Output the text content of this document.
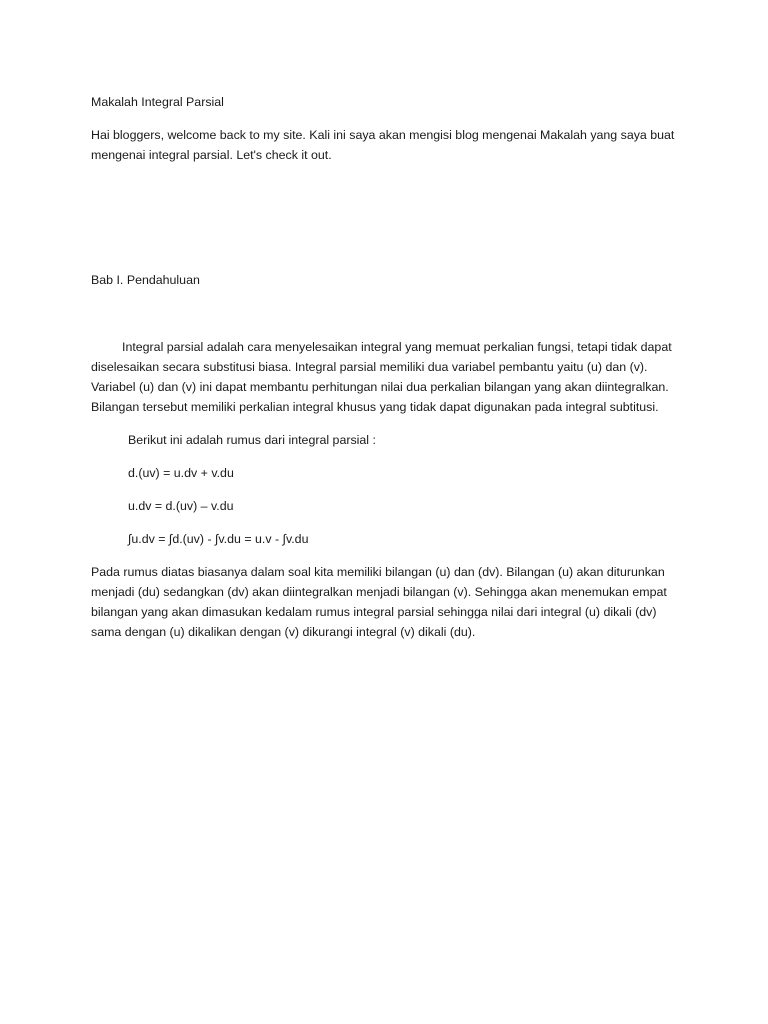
Makalah Integral Parsial

Hai bloggers, welcome back to my site. Kali ini saya akan mengisi blog mengenai Makalah yang saya buat mengenai integral parsial. Let's check it out.

Bab I. Pendahuluan

Integral parsial adalah cara menyelesaikan integral yang memuat perkalian fungsi, tetapi tidak dapat diselesaikan secara substitusi biasa. Integral parsial memiliki dua variabel pembantu yaitu (u) dan (v). Variabel (u) dan (v) ini dapat membantu perhitungan nilai dua perkalian bilangan yang akan diintegralkan. Bilangan tersebut memiliki perkalian integral khusus yang tidak dapat digunakan pada integral subtitusi.

Berikut ini adalah rumus dari integral parsial :

d.(uv) = u.dv + v.du

u.dv = d.(uv) – v.du

∫u.dv = ∫d.(uv) - ∫v.du = u.v - ∫v.du

Pada rumus diatas biasanya dalam soal kita memiliki bilangan (u) dan (dv). Bilangan (u) akan diturunkan menjadi (du) sedangkan (dv) akan diintegralkan menjadi bilangan (v). Sehingga akan menemukan empat bilangan yang akan dimasukan kedalam rumus integral parsial sehingga nilai dari integral (u) dikali (dv) sama dengan (u) dikalikan dengan (v) dikurangi integral (v) dikali (du).
